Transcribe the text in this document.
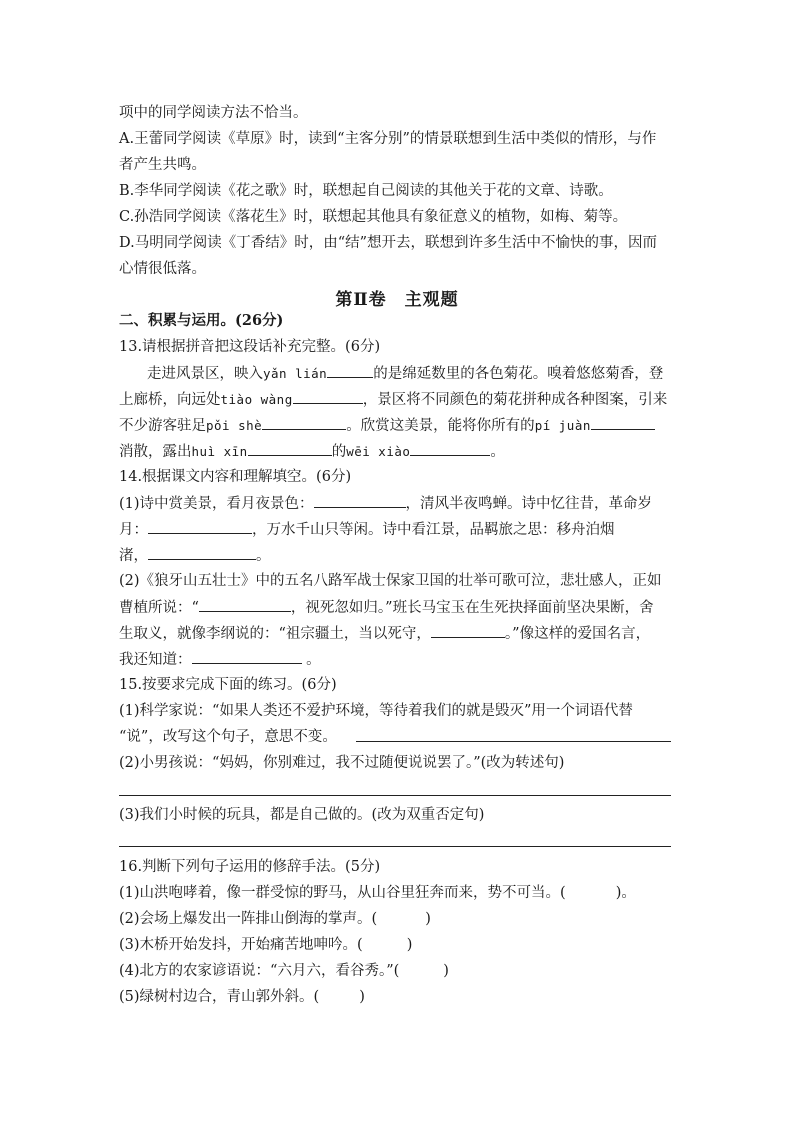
项中的同学阅读方法不恰当。
A.王蕾同学阅读《草原》时，读到“主客分别”的情景联想到生活中类似的情形，与作
者产生共鸣。
B.李华同学阅读《花之歌》时，联想起自己阅读的其他关于花的文章、诗歌。
C.孙浩同学阅读《落花生》时，联想起其他具有象征意义的植物，如梅、菊等。
D.马明同学阅读《丁香结》时，由“结”想开去，联想到许多生活中不愉快的事，因而
心情很低落。
第Ⅱ卷　主观题
二、积累与运用。(26分)
13.请根据拼音把这段话补充完整。(6分)
走进风景区，映入yǎn lián	的是绵延数里的各色菊花。嗅着悠悠菊香，登
上廊桥，向远处tiào wàng	，景区将不同颜色的菊花拼种成各种图案，引来
不少游客驻足pǒi shè	。欣赏这美景，能将你所有的pí juàn
消散，露出huì xīn	的wēi xiào	。
14.根据课文内容和理解填空。(6分)
(1)诗中赏美景，看月夜景色：	，清风半夜鸣蝉。诗中忆往昔，革命岁
月：	，万水千山只等闲。诗中看江景，品羁旅之思：移舟泊烟
渚，	。
(2)《狼牙山五壮士》中的五名八路军战士保家卫国的壮举可歌可泣，悲壮感人，正如
曹植所说：“	，视死忽如归。”班长马宝玉在生死抉择面前坚决果断，舍
生取义，就像李纲说的：“祖宗疆土，当以死守，	。”像这样的爱国名言，
我还知道：	。
15.按要求完成下面的练习。(6分)
(1)科学家说：“如果人类还不爱护环境，等待着我们的就是毁灭”用一个词语代替
“说”，改写这个句子，意思不变。
(2)小男孩说：“妈妈，你别难过，我不过随便说说罢了。”(改为转述句)
(3)我们小时候的玩具，都是自己做的。(改为双重否定句)
16.判断下列句子运用的修辞手法。(5分)
(1)山洪咆哮着，像一群受惊的野马，从山谷里狂奔而来，势不可当。(	)。
(2)会场上爆发出一阵排山倒海的掌声。(	)
(3)木桥开始发抖，开始痛苦地呻吟。(	)
(4)北方的农家谚语说：“六月六，看谷秀。”(	)
(5)绿树村边合，青山郭外斜。(	)
